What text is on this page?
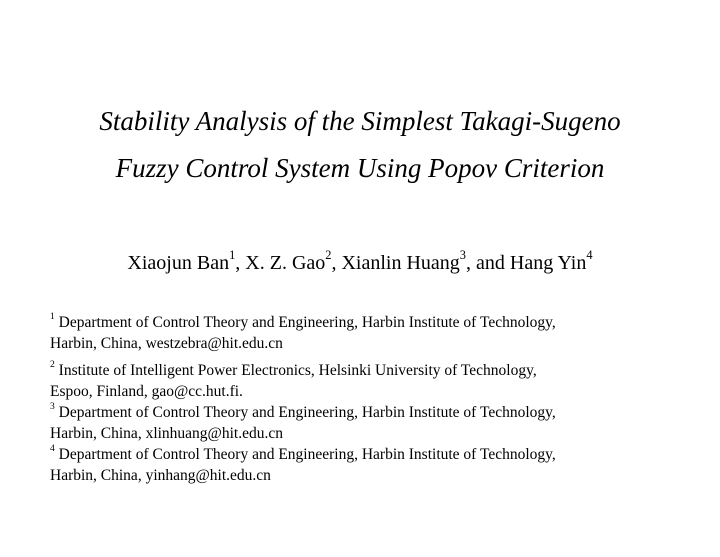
Stability Analysis of the Simplest Takagi-Sugeno
Fuzzy Control System Using Popov Criterion
Xiaojun Ban$^1$, X. Z. Gao$^2$, Xianlin Huang$^3$, and Hang Yin$^4$
$^1$ Department of Control Theory and Engineering, Harbin Institute of Technology,
Harbin, China, westzebra@hit.edu.cn
$^2$ Institute of Intelligent Power Electronics, Helsinki University of Technology,
Espoo, Finland, gao@cc.hut.fi.
$^3$ Department of Control Theory and Engineering, Harbin Institute of Technology,
Harbin, China, xlinhuang@hit.edu.cn
$^4$ Department of Control Theory and Engineering, Harbin Institute of Technology,
Harbin, China, yinhang@hit.edu.cn
